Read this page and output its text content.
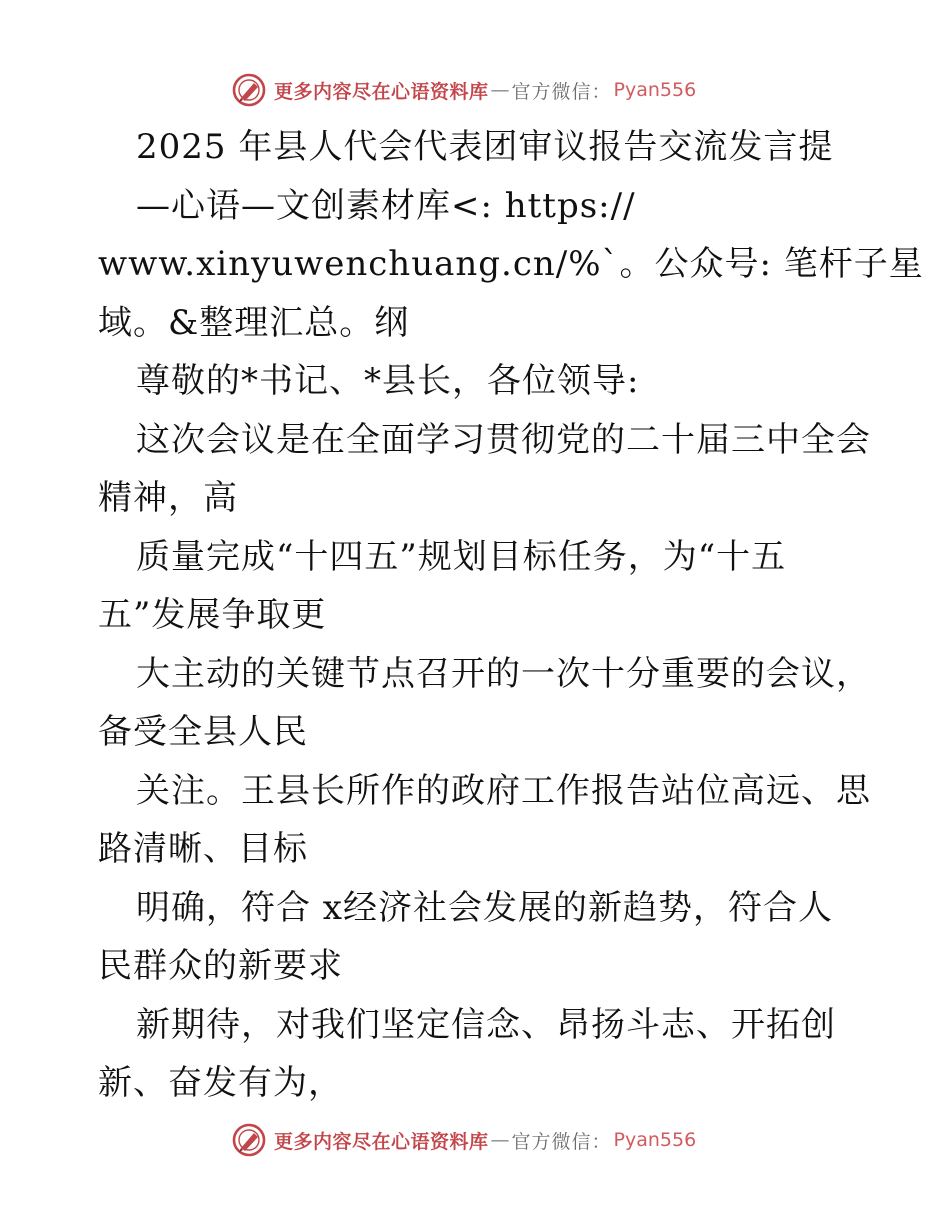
更多内容尽在心语资料库 — 官方微信： Pyan556
2025 年县人代会代表团审议报告交流发言提
—心语—文创素材库<: https://
www.xinyuwenchuang.cn/%`。公众号: 笔杆子星
域。&整理汇总。纲
尊敬的*书记、*县长，各位领导:
这次会议是在全面学习贯彻党的二十届三中全会
精神，高
质量完成“十四五”规划目标任务，为“十五
五”发展争取更
大主动的关键节点召开的一次十分重要的会议，
备受全县人民
关注。王县长所作的政府工作报告站位高远、思
路清晰、目标
明确，符合 x经济社会发展的新趋势，符合人
民群众的新要求
新期待，对我们坚定信念、昂扬斗志、开拓创
新、奋发有为，
更多内容尽在心语资料库 — 官方微信： Pyan556
